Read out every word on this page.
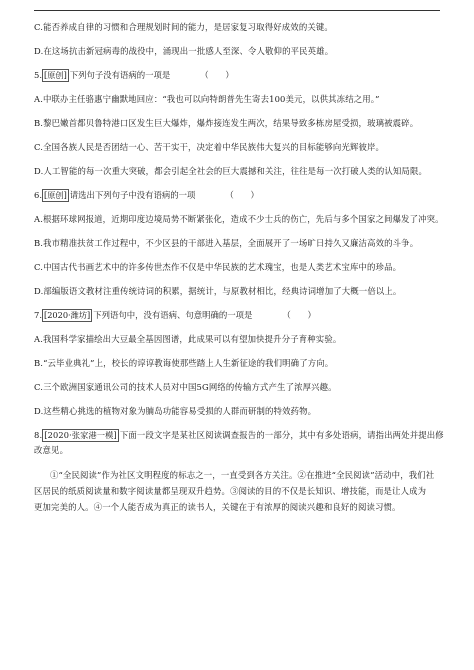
C.能否养成自律的习惯和合理规划时间的能力，是居家复习取得好成效的关键。
D.在这场抗击新冠病毒的战役中，涌现出一批感人至深、令人敬仰的平民英雄。
5. [原创] 下列句子没有语病的一项是	（　　）
A.中联办主任骆惠宁幽默地回应：“我也可以向特朗普先生寄去100美元，以供其冻结之用。”
B.黎巴嫩首都贝鲁特港口区发生巨大爆炸，爆炸接连发生两次，结果导致多栋房屋受损，玻璃被震碎。
C.全国各族人民是否团结一心、苦干实干，决定着中华民族伟大复兴的目标能够向光辉彼岸。
D.人工智能的每一次重大突破，都会引起全社会的巨大震撼和关注，往往是每一次打破人类的认知局限。
6. [原创] 请选出下列句子中没有语病的一项	（　　）
A.根据环球网报道，近期印度边境局势不断紧张化，造成不少士兵的伤亡，先后与多个国家之间爆发了冲突。
B.我市精准扶贫工作过程中，不少区县的干部进入基层，全面展开了一场旷日持久又廉洁高效的斗争。
C.中国古代书画艺术中的许多传世杰作不仅是中华民族的艺术瑰宝，也是人类艺术宝库中的珍品。
D.部编版语文教材注重传统诗词的积累，据统计，与原教材相比，经典诗词增加了大概一倍以上。
7. [2020·潍坊] 下列语句中，没有语病、句意明确的一项是	（　　）
A.我国科学家描绘出大豆最全基因图谱，此成果可以有望加快提升分子育种实验。
B.“云毕业典礼”上，校长的谆谆教诲使那些踏上人生新征途的我们明确了方向。
C.三个欧洲国家通讯公司的技术人员对中国5G网络的传输方式产生了浓厚兴趣。
D.这些精心挑选的植物对象为腩岛功能容易受损的人群而研制的特效药物。
8. [2020·张家港一模] 下面一段文字是某社区阅读调查报告的一部分，其中有多处语病，请指出两处并提出修
改意见。
①“全民阅读”作为社区文明程度的标志之一，一直受到各方关注。②在推进“全民阅读”活动中，我们社
区居民的纸质阅读量和数字阅读量都呈现双升趋势。③阅读的目的不仅是长知识、增技能，而是让人成为
更加完美的人。④一个人能否成为真正的读书人，关键在于有浓厚的阅读兴趣和良好的阅读习惯。
